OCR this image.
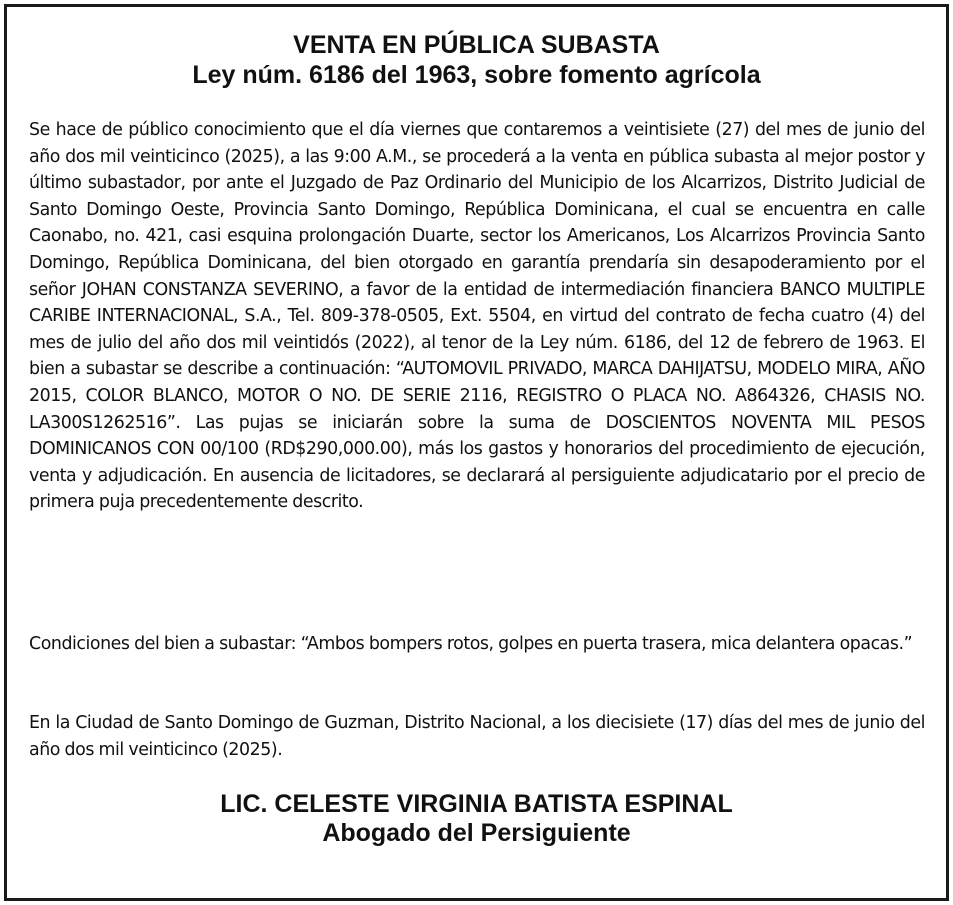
VENTA EN PÚBLICA SUBASTA
Ley núm. 6186 del 1963, sobre fomento agrícola

Se hace de público conocimiento que el día viernes que contaremos a veintisiete (27) del mes de junio del año dos mil veinticinco (2025), a las 9:00 A.M., se procederá a la venta en pública subasta al mejor postor y último subastador, por ante el Juzgado de Paz Ordinario del Municipio de los Alcarrizos, Distrito Judicial de Santo Domingo Oeste, Provincia Santo Domingo, República Dominicana, el cual se encuentra en calle Caonabo, no. 421, casi esquina prolongación Duarte, sector los Americanos, Los Alcarrizos Provincia Santo Domingo, República Dominicana, del bien otorgado en garantía prendaría sin desapoderamiento por el señor JOHAN CONSTANZA SEVERINO, a favor de la entidad de intermediación financiera BANCO MULTIPLE CARIBE INTERNACIONAL, S.A., Tel. 809-378-0505, Ext. 5504, en virtud del contrato de fecha cuatro (4) del mes de julio del año dos mil veintidós (2022), al tenor de la Ley núm. 6186, del 12 de febrero de 1963. El bien a subastar se describe a continuación: “AUTOMOVIL PRIVADO, MARCA DAHIJATSU, MODELO MIRA, AÑO 2015, COLOR BLANCO, MOTOR O NO. DE SERIE 2116, REGISTRO O PLACA NO. A864326, CHASIS NO. LA300S1262516”. Las pujas se iniciarán sobre la suma de DOSCIENTOS NOVENTA MIL PESOS DOMINICANOS CON 00/100 (RD$290,000.00), más los gastos y honorarios del procedimiento de ejecución, venta y adjudicación. En ausencia de licitadores, se declarará al persiguiente adjudicatario por el precio de primera puja precedentemente descrito.

Condiciones del bien a subastar: “Ambos bompers rotos, golpes en puerta trasera, mica delantera opacas.”

En la Ciudad de Santo Domingo de Guzman, Distrito Nacional, a los diecisiete (17) días del mes de junio del año dos mil veinticinco (2025).

LIC. CELESTE VIRGINIA BATISTA ESPINAL
Abogado del Persiguiente
